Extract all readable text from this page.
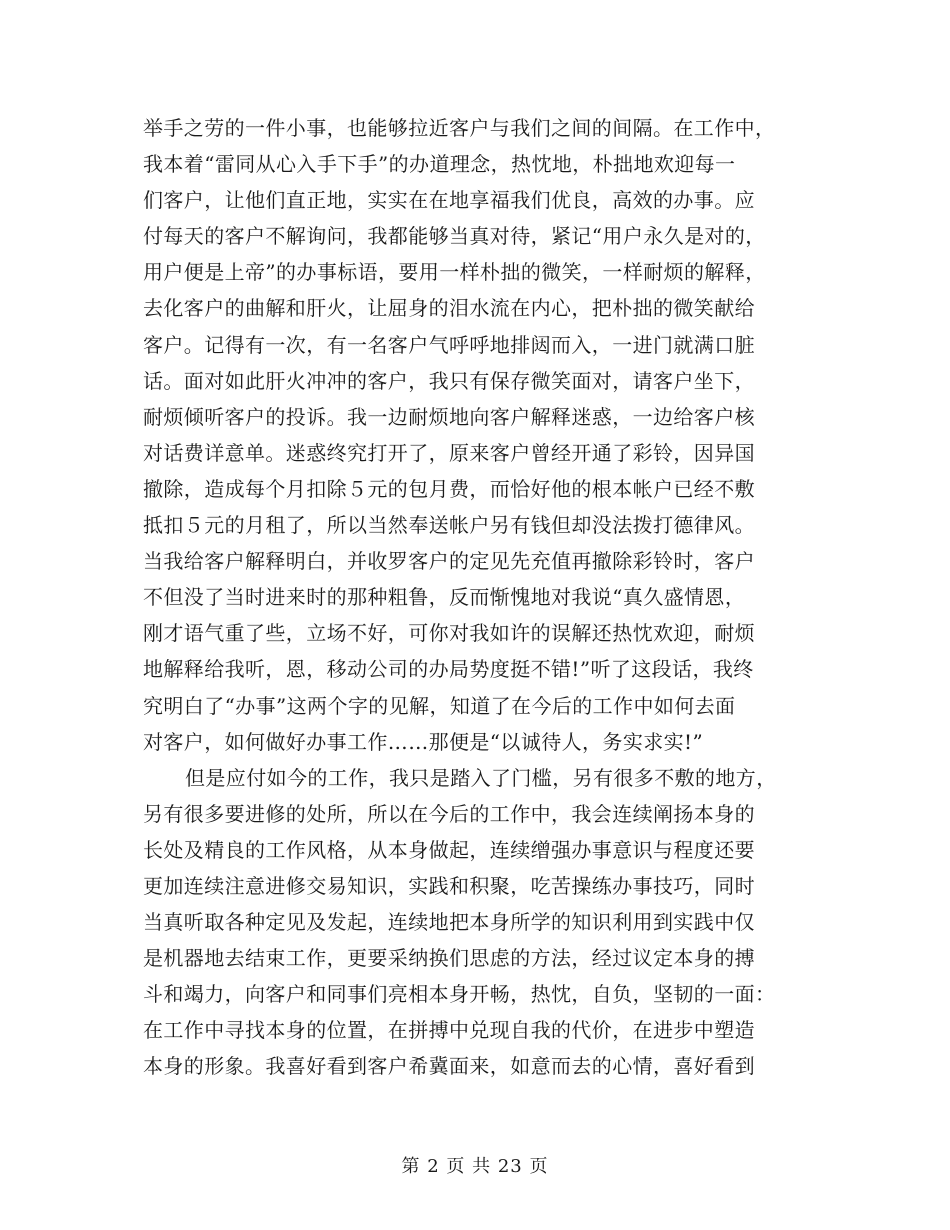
举手之劳的一件小事，也能够拉近客户与我们之间的间隔。在工作中，
我本着“雷同从心入手下手”的办道理念，热忱地，朴拙地欢迎每一
们客户，让他们直正地，实实在在地享福我们优良，高效的办事。应
付每天的客户不解询问，我都能够当真对待，紧记“用户永久是对的，
用户便是上帝”的办事标语，要用一样朴拙的微笑，一样耐烦的解释，
去化客户的曲解和肝火，让屈身的泪水流在内心，把朴拙的微笑献给
客户。记得有一次，有一名客户气呼呼地排闼而入，一进门就满口脏
话。面对如此肝火冲冲的客户，我只有保存微笑面对，请客户坐下，
耐烦倾听客户的投诉。我一边耐烦地向客户解释迷惑，一边给客户核
对话费详意单。迷惑终究打开了，原来客户曾经开通了彩铃，因异国
撤除，造成每个月扣除５元的包月费，而恰好他的根本帐户已经不敷
抵扣５元的月租了，所以当然奉送帐户另有钱但却没法拨打德律风。
当我给客户解释明白，并收罗客户的定见先充值再撤除彩铃时，客户
不但没了当时进来时的那种粗鲁，反而惭愧地对我说“真久盛情恩，
刚才语气重了些，立场不好，可你对我如许的误解还热忱欢迎，耐烦
地解释给我听，恩，移动公司的办局势度挺不错!”听了这段话，我终
究明白了“办事”这两个字的见解，知道了在今后的工作中如何去面
对客户，如何做好办事工作……那便是“以诚待人，务实求实!”
但是应付如今的工作，我只是踏入了门槛，另有很多不敷的地方，
另有很多要进修的处所，所以在今后的工作中，我会连续阐扬本身的
长处及精良的工作风格，从本身做起，连续缯强办事意识与程度还要
更加连续注意进修交易知识，实践和积聚，吃苦操练办事技巧，同时
当真听取各种定见及发起，连续地把本身所学的知识利用到实践中仅
是机器地去结束工作，更要采纳换们思虑的方法，经过议定本身的搏
斗和竭力，向客户和同事们亮相本身开畅，热忱，自负，坚韧的一面：
在工作中寻找本身的位置，在拼搏中兑现自我的代价，在进步中塑造
本身的形象。我喜好看到客户希冀面来，如意而去的心情，喜好看到
第 2 页 共 23 页
